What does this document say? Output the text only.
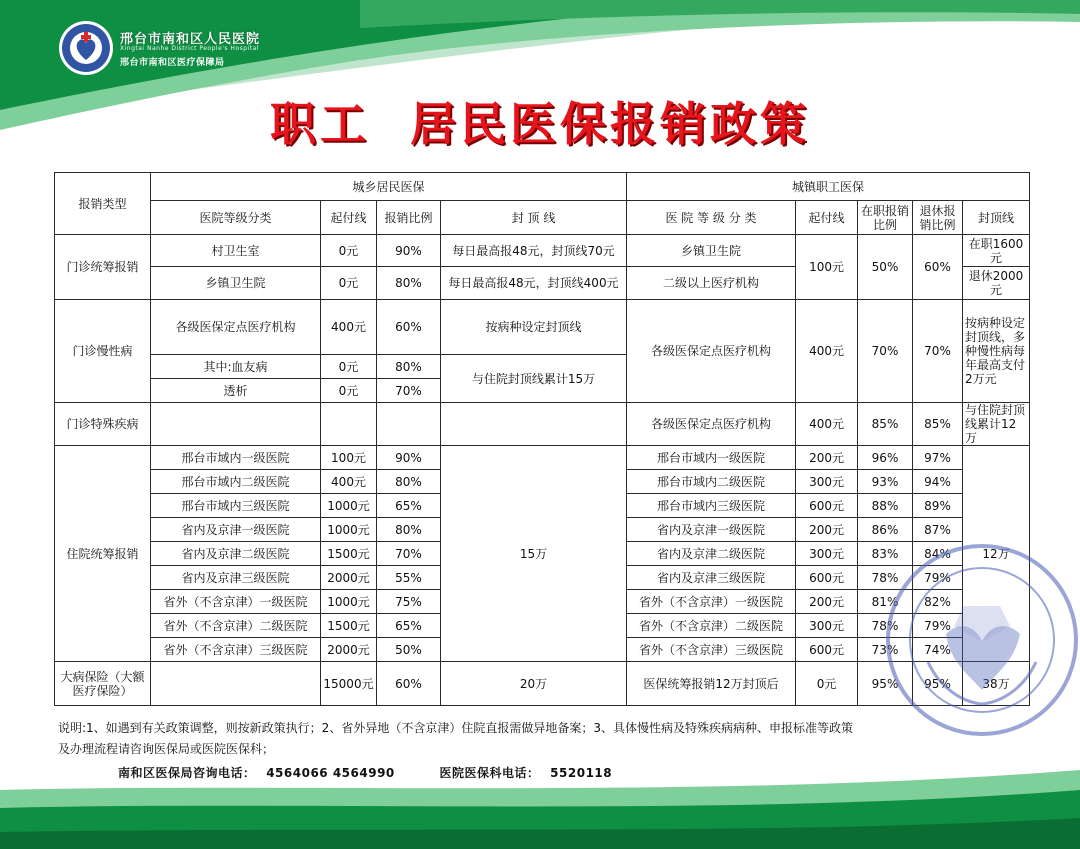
邢台市南和区人民医院
Xingtai Nanhe District People's Hospital
邢台市南和区医疗保障局
职工  居民医保报销政策
报销类型	城乡居民医保				城镇职工医保				
	医院等级分类	起付线	报销比例	封 顶 线	医 院 等 级 分 类	起付线	在职报销比例	退休报销比例	封顶线
门诊统筹报销	村卫生室	0元	90%	每日最高报48元，封顶线70元	乡镇卫生院	100元	50%	60%	在职1600元
	乡镇卫生院	0元	80%	每日最高报48元，封顶线400元	二级以上医疗机构				退休2000元
门诊慢性病	各级医保定点医疗机构	400元	60%	按病种设定封顶线	各级医保定点医疗机构	400元	70%	70%	按病种设定封顶线，多种慢性病每年最高支付2万元
	其中:血友病	0元	80%	与住院封顶线累计15万					
	透析	0元	70%						
门诊特殊疾病					各级医保定点医疗机构	400元	85%	85%	与住院封顶线累计12万
住院统筹报销	邢台市域内一级医院	100元	90%	15万	邢台市域内一级医院	200元	96%	97%	12万
	邢台市域内二级医院	400元	80%		邢台市域内二级医院	300元	93%	94%	
	邢台市域内三级医院	1000元	65%		邢台市域内三级医院	600元	88%	89%	
	省内及京津一级医院	1000元	80%		省内及京津一级医院	200元	86%	87%	
	省内及京津二级医院	1500元	70%		省内及京津二级医院	300元	83%	84%	
	省内及京津三级医院	2000元	55%		省内及京津三级医院	600元	78%	79%	
	省外（不含京津）一级医院	1000元	75%		省外（不含京津）一级医院	200元	81%	82%	
	省外（不含京津）二级医院	1500元	65%		省外（不含京津）二级医院	300元	78%	79%	
	省外（不含京津）三级医院	2000元	50%		省外（不含京津）三级医院	600元	73%	74%	
大病保险（大额医疗保险）		15000元	60%	20万	医保统筹报销12万封顶后	0元	95%	95%	38万
说明:1、如遇到有关政策调整，则按新政策执行；2、省外异地（不含京津）住院直报需做异地备案；3、具体慢性病及特殊疾病病种、申报标准等政策
及办理流程请咨询医保局或医院医保科；
南和区医保局咨询电话： 4564066 4564990	医院医保科电话： 5520118
